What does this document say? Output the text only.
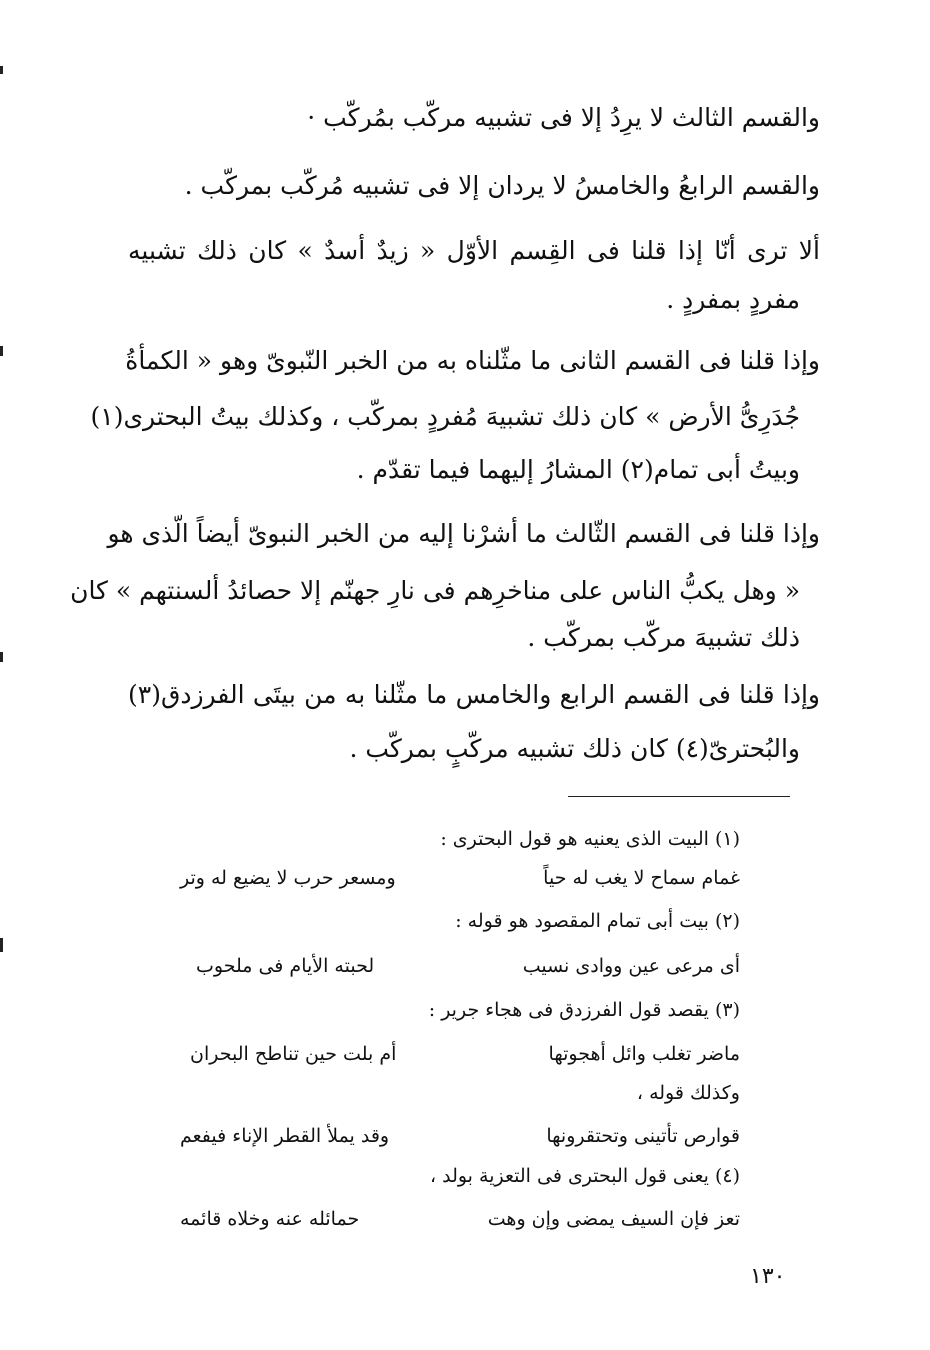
والقسم الثالث لا يرِدُ إلا فى تشبيه مركّب بمُركّب ·
والقسم الرابعُ والخامسُ لا يردان إلا فى تشبيه مُركّب بمركّب .
ألا ترى أنّا إذا قلنا فى القِسم الأوّل « زيدٌ أسدٌ » كان ذلك تشبيه
مفردٍ بمفردٍ .
وإذا قلنا فى القسم الثانى ما مثّلناه به من الخبر النّبوىّ وهو « الكمأةُ
جُدَرِىُّ الأرض » كان ذلك تشبيهَ مُفردٍ بمركّب ، وكذلك بيتُ البحترى(١)
وبيتُ أبى تمام(٢) المشارُ إليهما فيما تقدّم .
وإذا قلنا فى القسم الثّالث ما أشرْنا إليه من الخبر النبوىّ أيضاً الّذى هو
« وهل يكبُّ الناس على مناخرِهم فى نارِ جهنّم إلا حصائدُ ألسنتهم » كان
ذلك تشبيهَ مركّب بمركّب .
وإذا قلنا فى القسم الرابع والخامس ما مثّلنا به من بيتَى الفرزدق(٣)
والبُحترىّ(٤) كان ذلك تشبيه مركّبٍ بمركّب .
(١) البيت الذى يعنيه هو قول البحترى :
غمام سماح لا يغب له حياً
ومسعر حرب لا يضيع له وتر
(٢) بيت أبى تمام المقصود هو قوله :
أى مرعى عين ووادى نسيب
لحبته الأيام فى ملحوب
(٣) يقصد قول الفرزدق فى هجاء جرير :
ماضر تغلب وائل أهجوتها
أم بلت حين تناطح البحران
وكذلك قوله ،
قوارص تأتينى وتحتقرونها
وقد يملأ القطر الإناء فيفعم
(٤) يعنى قول البحترى فى التعزية بولد ،
تعز فإن السيف يمضى وإن وهت
حمائله عنه وخلاه قائمه
١٣٠
